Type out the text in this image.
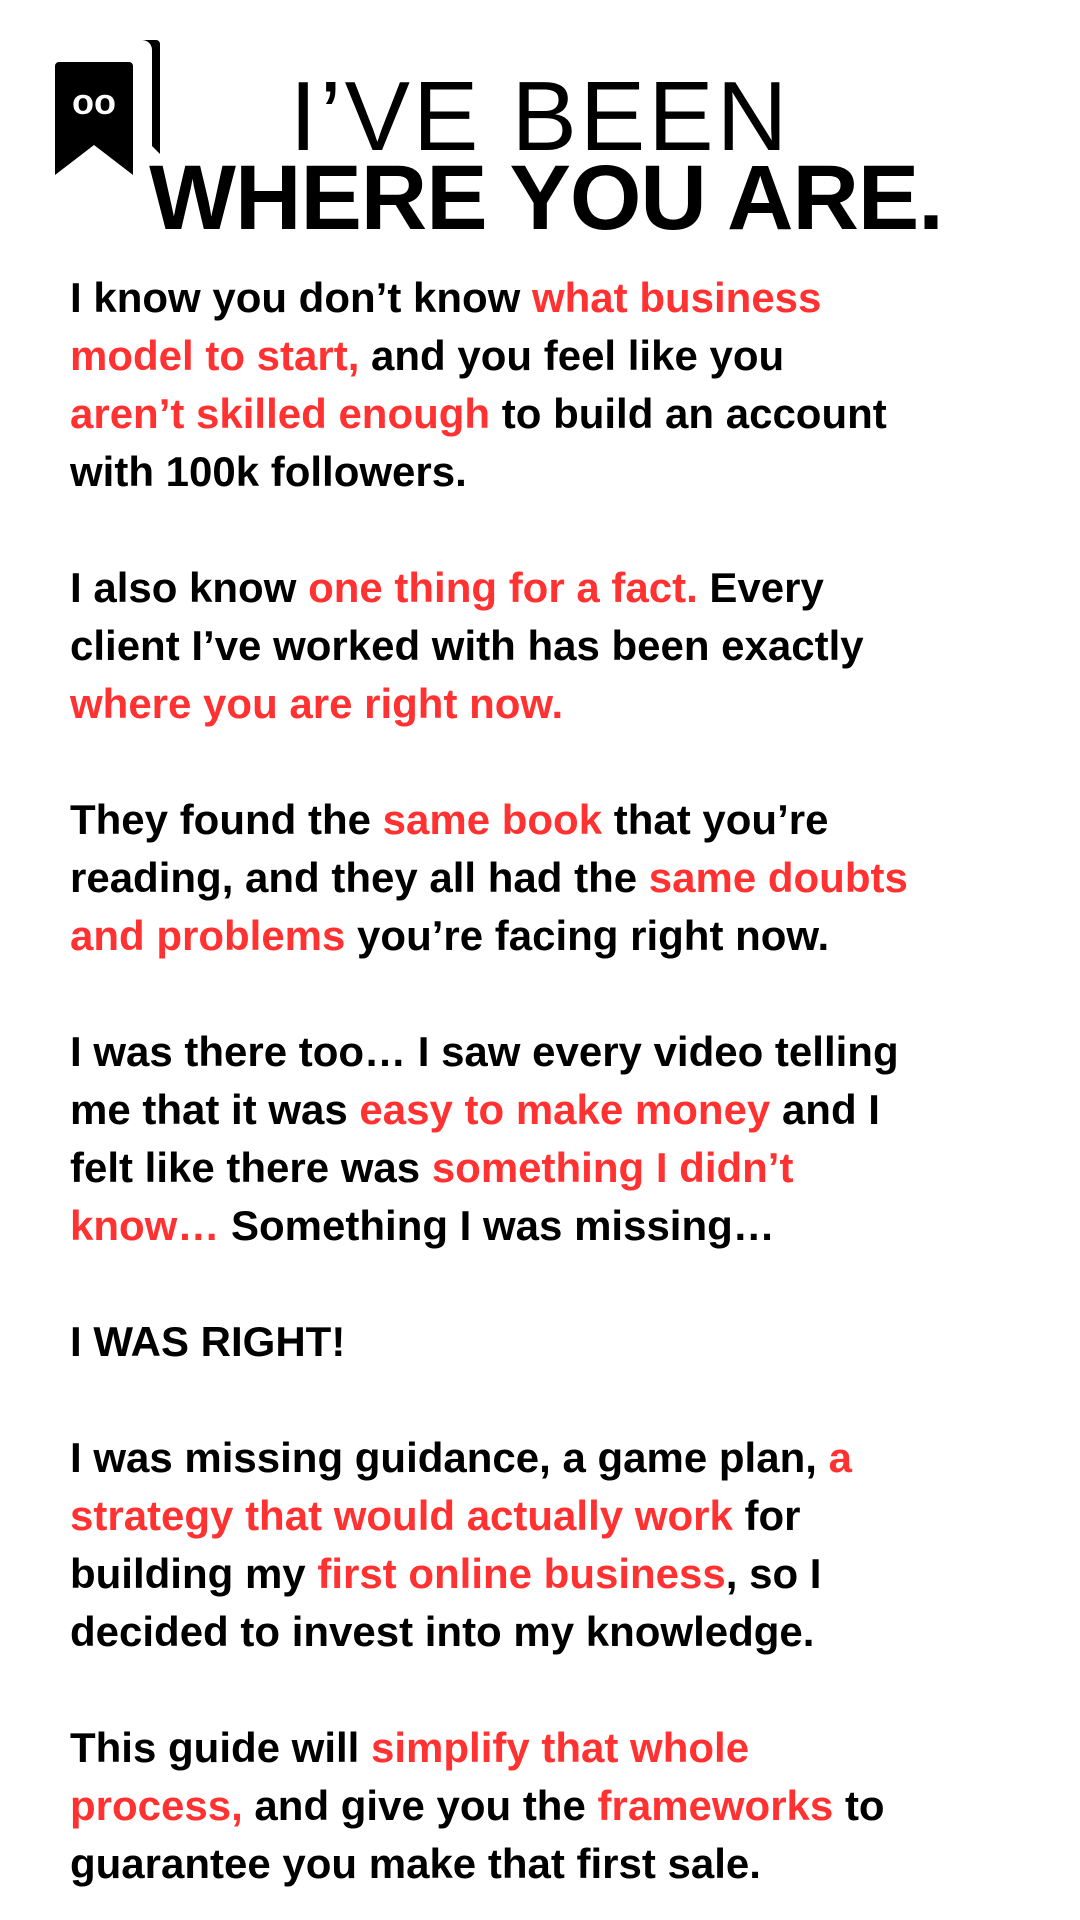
oo	I’VE BEEN
WHERE YOU ARE.
I know you don’t know what business
model to start, and you feel like you
aren’t skilled enough to build an account
with 100k followers.
I also know one thing for a fact. Every
client I’ve worked with has been exactly
where you are right now.
They found the same book that you’re
reading, and they all had the same doubts
and problems you’re facing right now.
I was there too… I saw every video telling
me that it was easy to make money and I
felt like there was something I didn’t
know… Something I was missing…
I WAS RIGHT!
I was missing guidance, a game plan, a
strategy that would actually work for
building my first online business, so I
decided to invest into my knowledge.
This guide will simplify that whole
process, and give you the frameworks to
guarantee you make that first sale.
